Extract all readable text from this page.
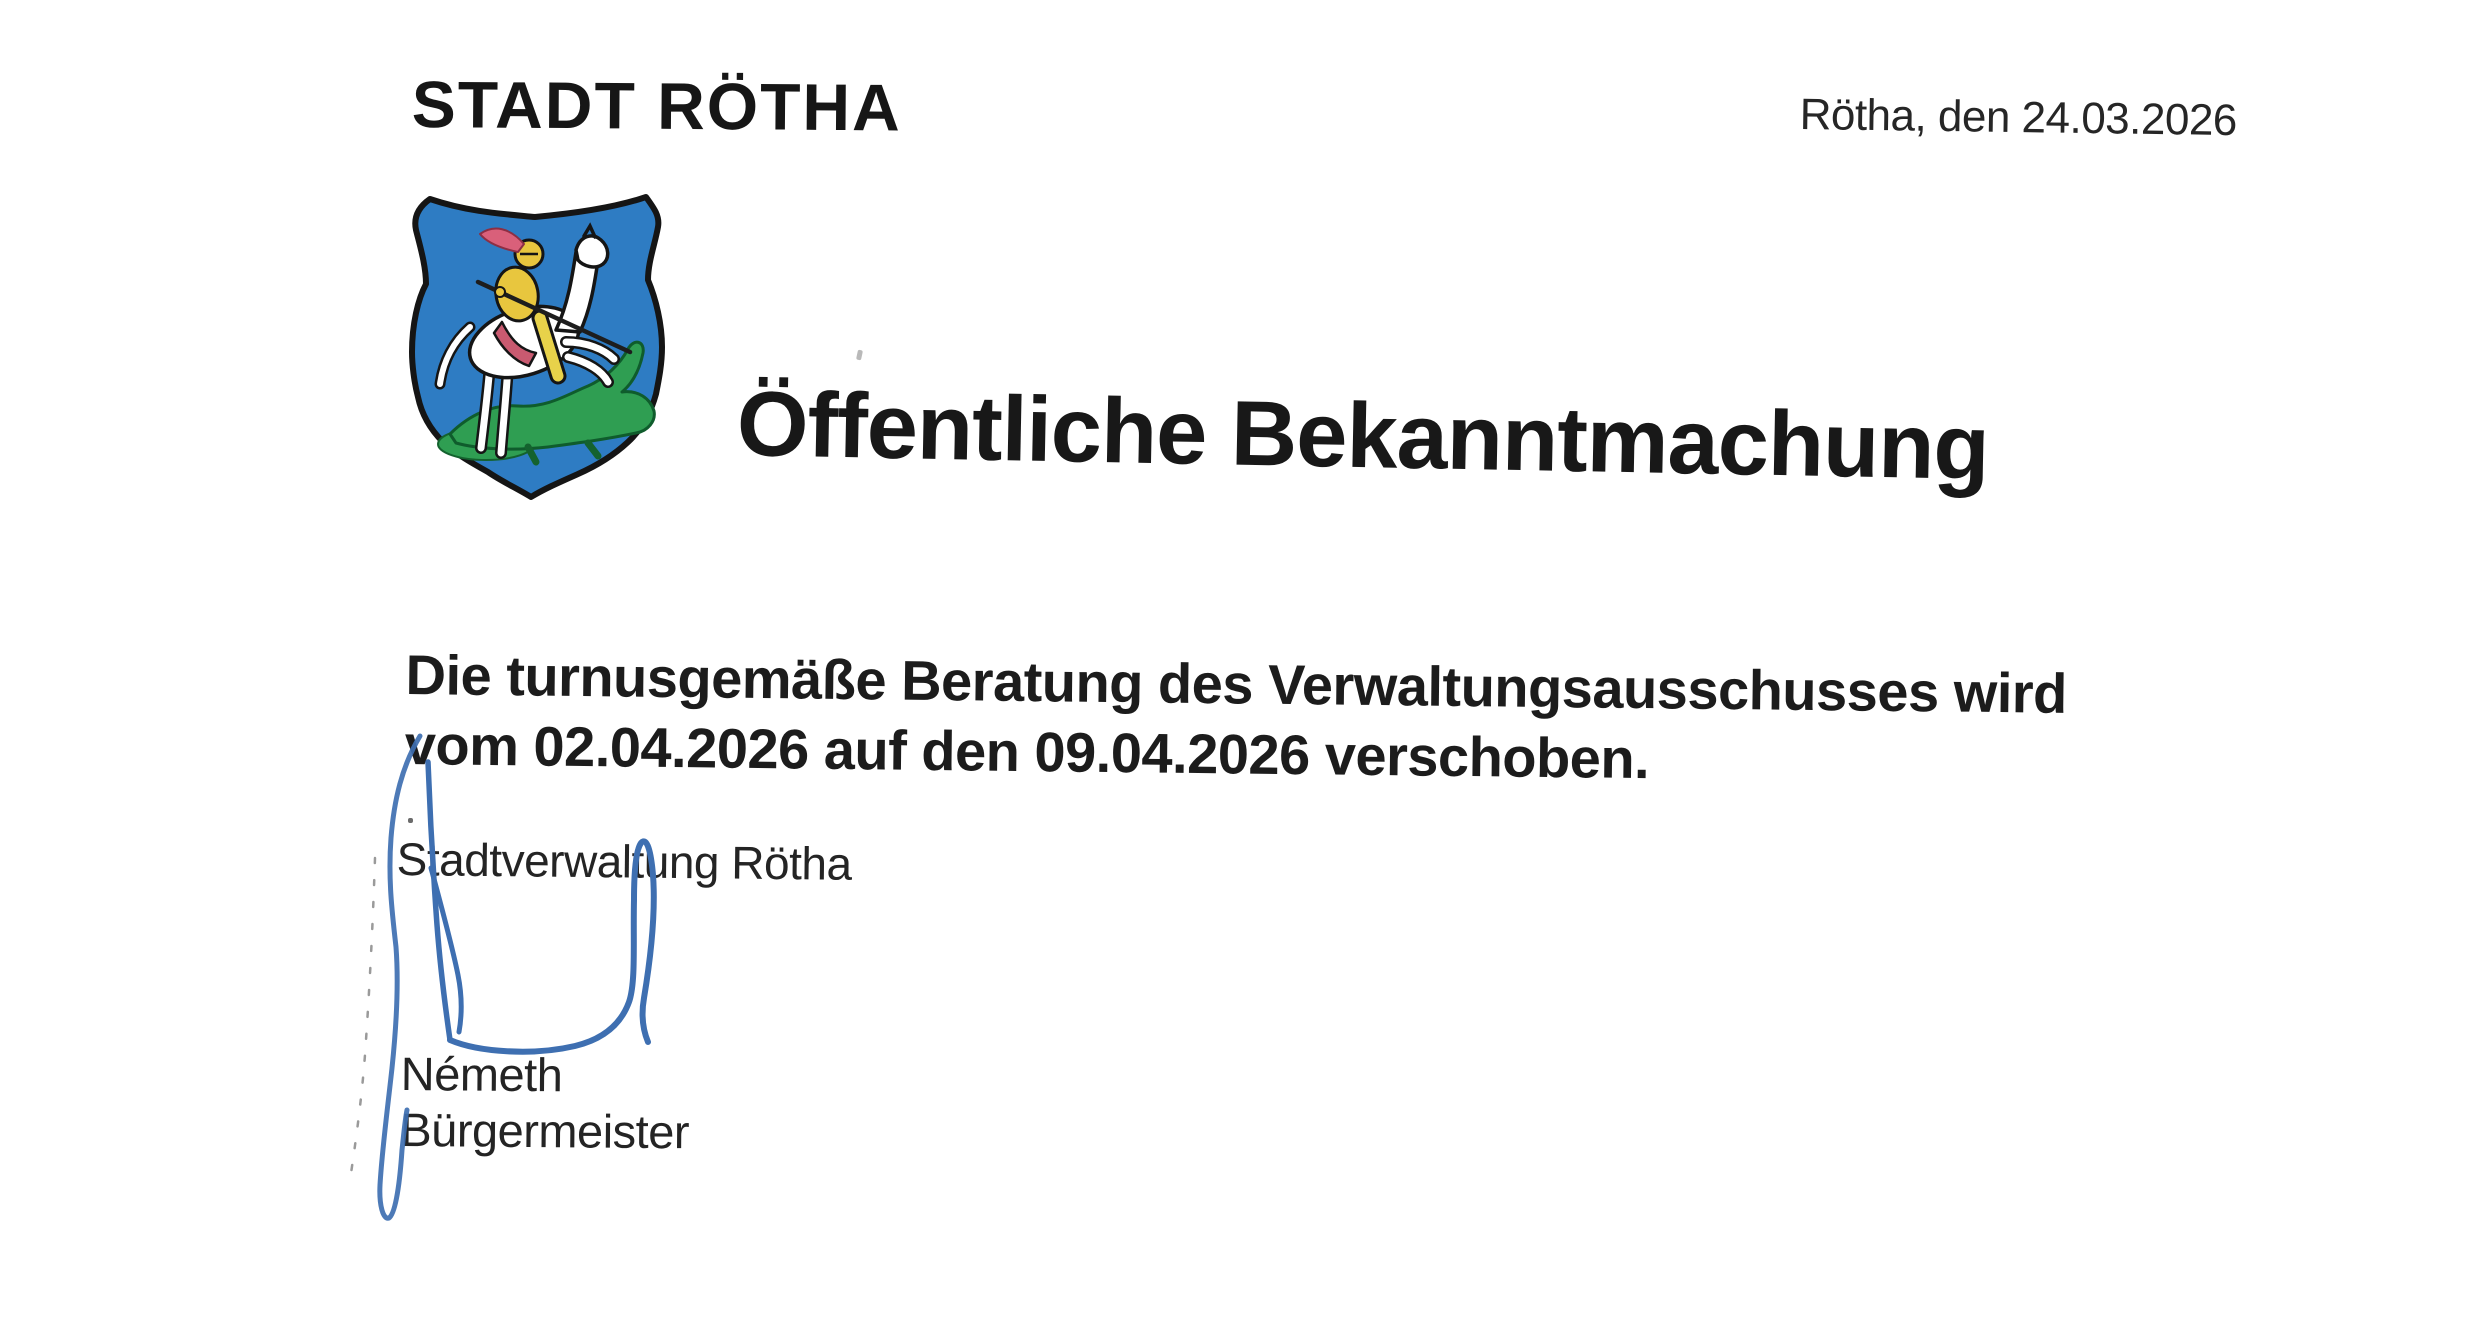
STADT RÖTHA	Rötha, den 24.03.2026
Öffentliche Bekanntmachung
Die turnusgemäße Beratung des Verwaltungsausschusses wird
vom 02.04.2026 auf den 09.04.2026 verschoben.
Stadtverwaltung Rötha
Németh
Bürgermeister
